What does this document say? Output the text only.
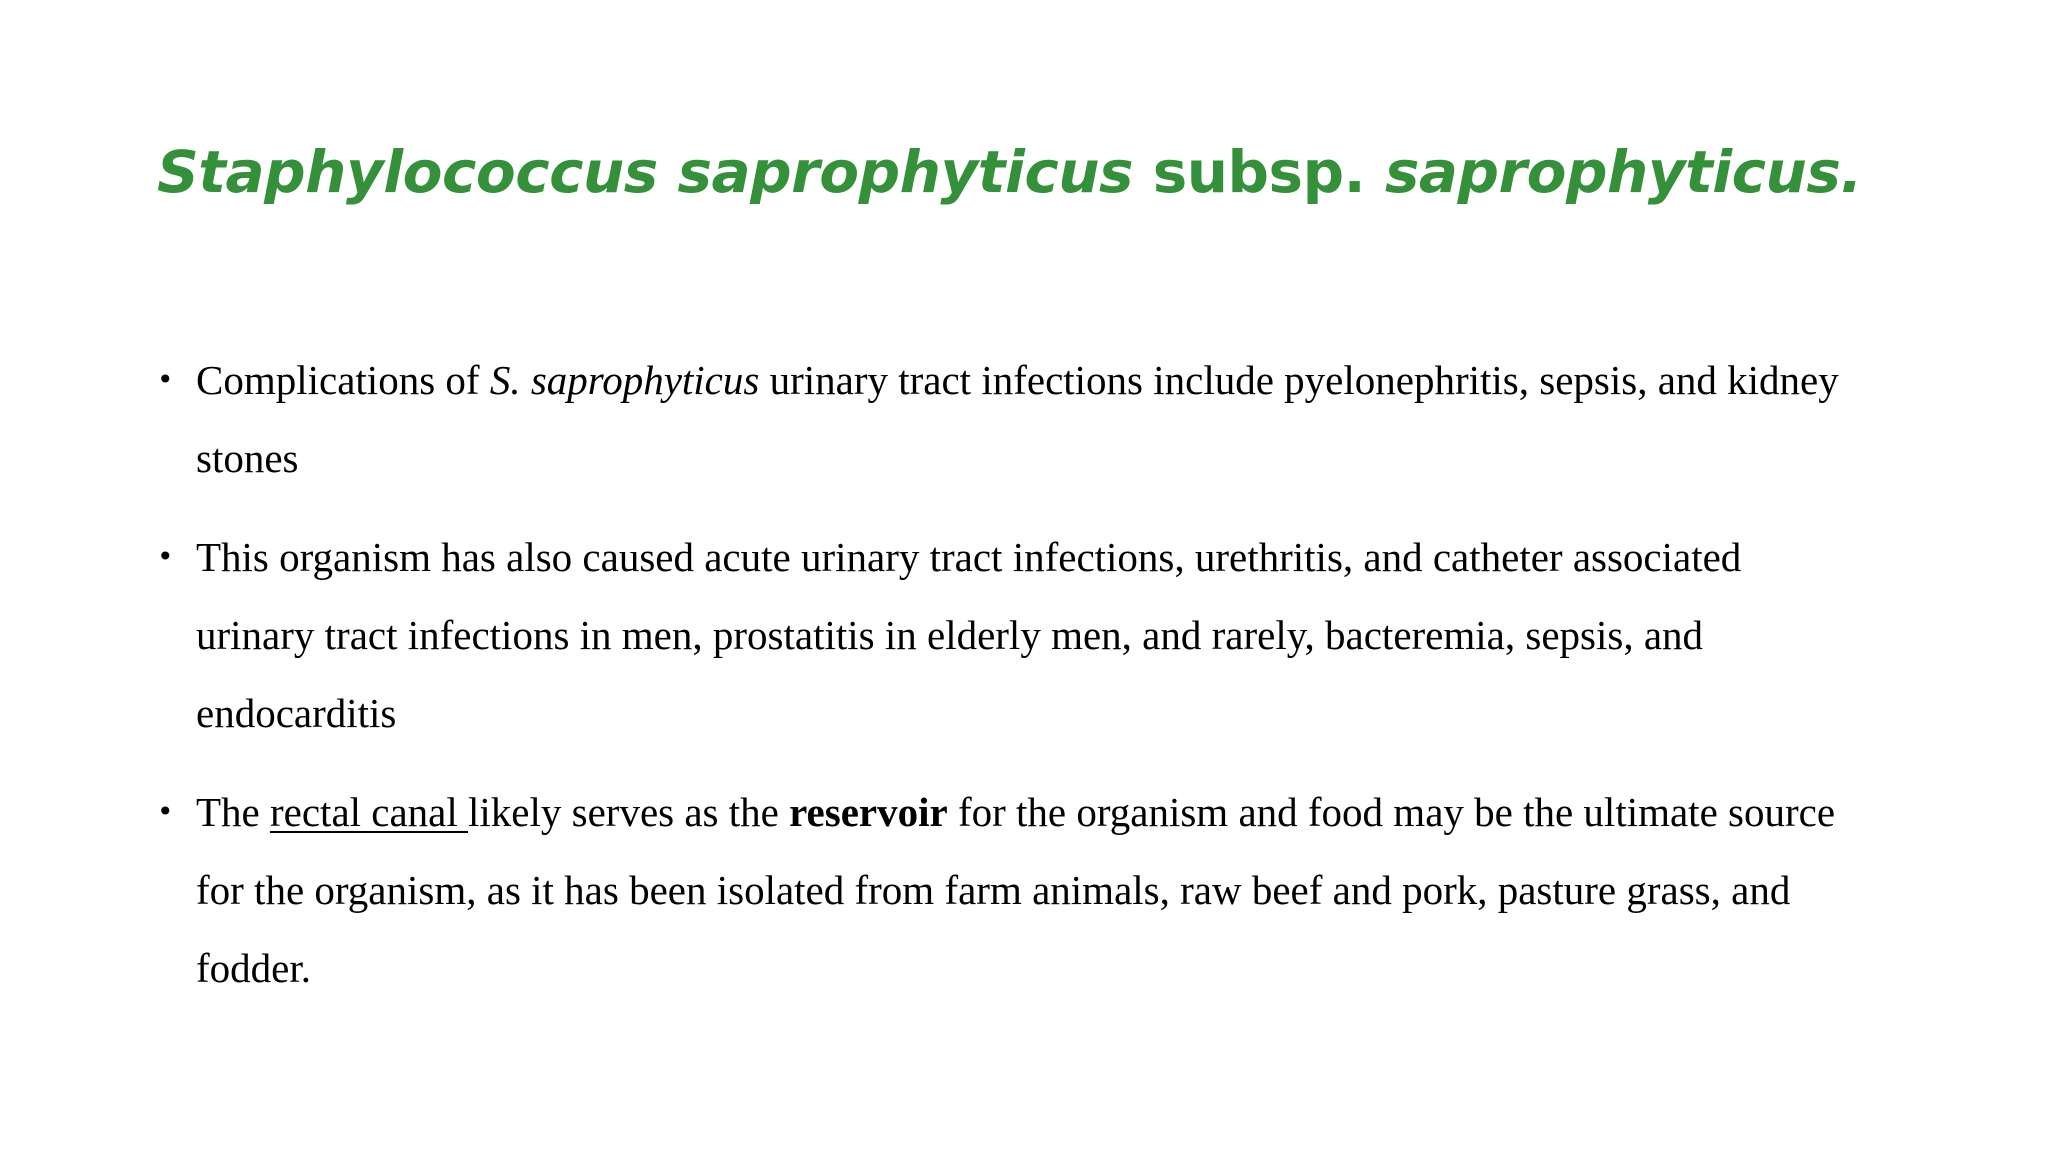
Staphylococcus saprophyticus subsp. saprophyticus.
• Complications of S. saprophyticus urinary tract infections include pyelonephritis, sepsis, and kidney stones
• This organism has also caused acute urinary tract infections, urethritis, and catheter associated urinary tract infections in men, prostatitis in elderly men, and rarely, bacteremia, sepsis, and endocarditis
• The rectal canal likely serves as the reservoir for the organism and food may be the ultimate source for the organism, as it has been isolated from farm animals, raw beef and pork, pasture grass, and fodder.
